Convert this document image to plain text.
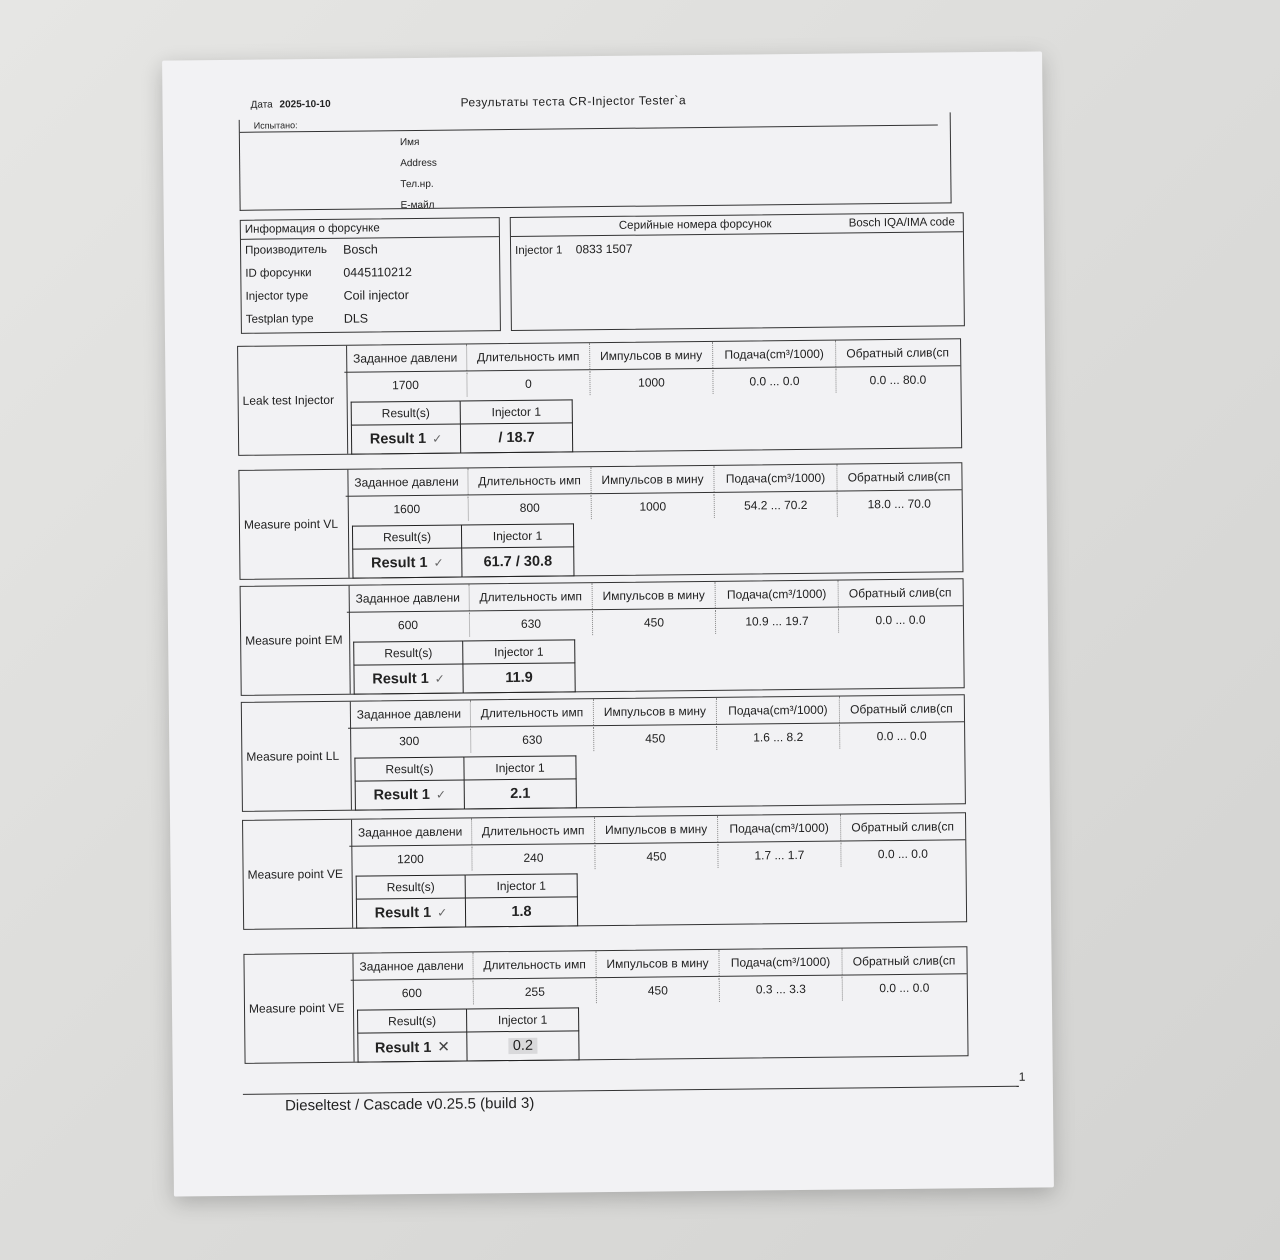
Дата 2025-10-10	Результаты теста CR-Injector Tester`a
Испытано:
Имя
Address
Тел.нр.
E-майл
Информация о форсунке
Производитель	Bosch
ID форсунки	0445110212
Injector type	Coil injector
Testplan type	DLS
Серийные номера форсунок	Bosch IQA/IMA code
Injector 1 0833 1507
Leak test Injector
Заданное давлени	Длительность имп	Импульсов в мину	Подача(cm³/1000)	Обратный слив(cп
1700	0	1000	0.0 ... 0.0	0.0 ... 80.0
Result(s)	Injector 1
Result 1 ✓	/ 18.7
Measure point VL
Заданное давлени	Длительность имп	Импульсов в мину	Подача(cm³/1000)	Обратный слив(cп
1600	800	1000	54.2 ... 70.2	18.0 ... 70.0
Result(s)	Injector 1
Result 1 ✓	61.7 / 30.8
Measure point EM
Заданное давлени	Длительность имп	Импульсов в мину	Подача(cm³/1000)	Обратный слив(cп
600	630	450	10.9 ... 19.7	0.0 ... 0.0
Result(s)	Injector 1
Result 1 ✓	11.9
Measure point LL
Заданное давлени	Длительность имп	Импульсов в мину	Подача(cm³/1000)	Обратный слив(cп
300	630	450	1.6 ... 8.2	0.0 ... 0.0
Result(s)	Injector 1
Result 1 ✓	2.1
Measure point VE
Заданное давлени	Длительность имп	Импульсов в мину	Подача(cm³/1000)	Обратный слив(cп
1200	240	450	1.7 ... 1.7	0.0 ... 0.0
Result(s)	Injector 1
Result 1 ✓	1.8
Measure point VE
Заданное давлени	Длительность имп	Импульсов в мину	Подача(cm³/1000)	Обратный слив(cп
600	255	450	0.3 ... 3.3	0.0 ... 0.0
Result(s)	Injector 1
Result 1 ✕	0.2
1
Dieseltest / Cascade v0.25.5 (build 3)
